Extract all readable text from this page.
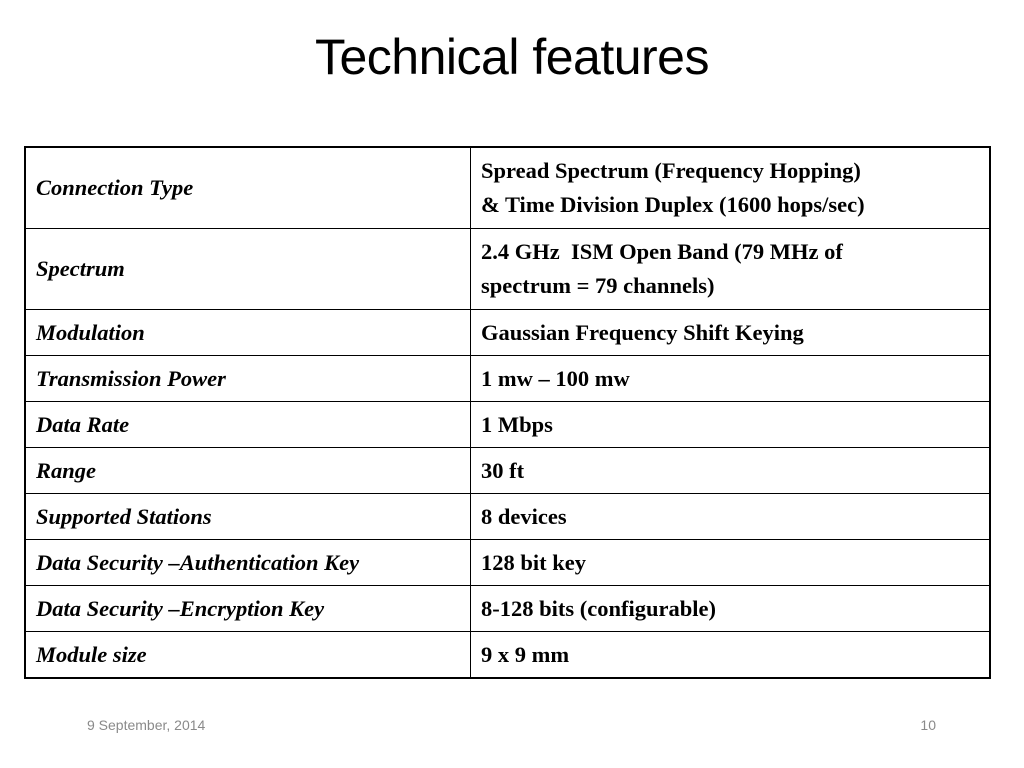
Technical features
Connection Type	Spread Spectrum (Frequency Hopping)
& Time Division Duplex (1600 hops/sec)
Spectrum	2.4 GHz  ISM Open Band (79 MHz of
spectrum = 79 channels)
Modulation	Gaussian Frequency Shift Keying
Transmission Power	1 mw – 100 mw
Data Rate	1 Mbps
Range	30 ft
Supported Stations	8 devices
Data Security –Authentication Key	128 bit key
Data Security –Encryption Key	8-128 bits (configurable)
Module size	9 x 9 mm
9 September, 2014	10
